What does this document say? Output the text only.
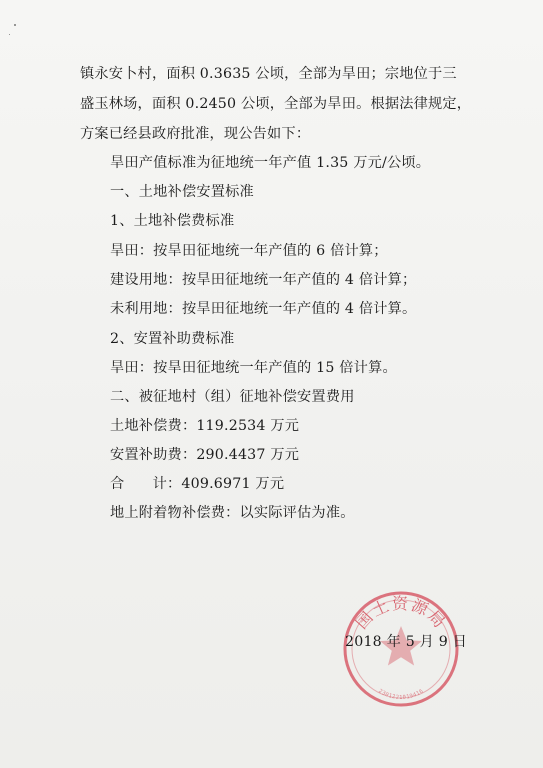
镇永安卜村，面积 0.3635 公顷，全部为旱田；宗地位于三
盛玉林场，面积 0.2450 公顷，全部为旱田。根据法律规定，
方案已经县政府批准，现公告如下：
旱田产值标准为征地统一年产值 1.35 万元/公顷。
一、土地补偿安置标准
1、土地补偿费标准
旱田：按旱田征地统一年产值的 6 倍计算；
建设用地：按旱田征地统一年产值的 4 倍计算；
未利用地：按旱田征地统一年产值的 4 倍计算。
2、安置补助费标准
旱田：按旱田征地统一年产值的 15 倍计算。
二、被征地村（组）征地补偿安置费用
土地补偿费：119.2534 万元
安置补助费：290.4437 万元
合      计：409.6971 万元
地上附着物补偿费：以实际评估为准。
2018 年 5 月 9 日
国土资源局
2301221019416
